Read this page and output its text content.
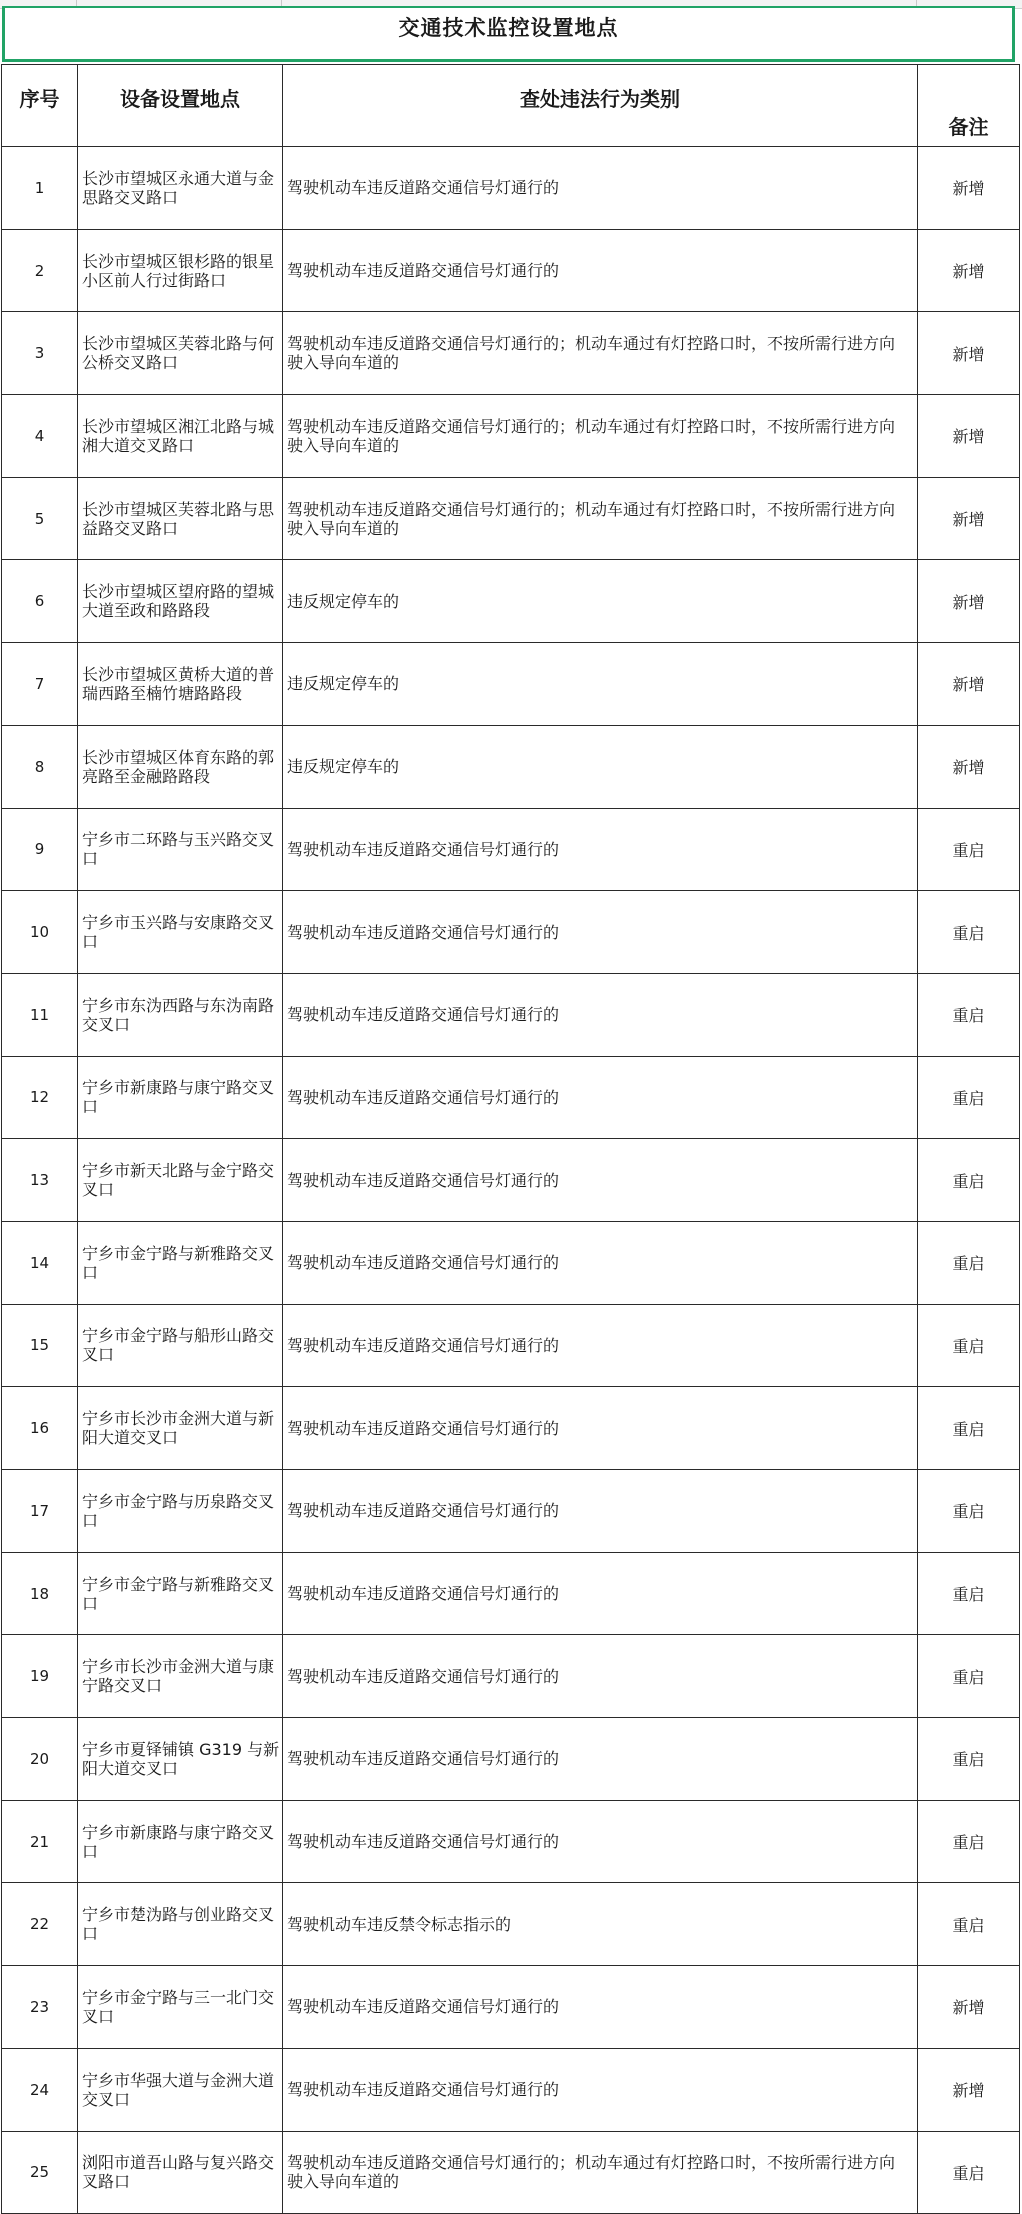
交通技术监控设置地点
序号	设备设置地点	查处违法行为类别	备注
1	长沙市望城区永通大道与金思路交叉路口	驾驶机动车违反道路交通信号灯通行的	新增
2	长沙市望城区银杉路的银星小区前人行过街路口	驾驶机动车违反道路交通信号灯通行的	新增
3	长沙市望城区芙蓉北路与何公桥交叉路口	驾驶机动车违反道路交通信号灯通行的；机动车通过有灯控路口时，不按所需行进方向驶入导向车道的	新增
4	长沙市望城区湘江北路与城湘大道交叉路口	驾驶机动车违反道路交通信号灯通行的；机动车通过有灯控路口时，不按所需行进方向驶入导向车道的	新增
5	长沙市望城区芙蓉北路与思益路交叉路口	驾驶机动车违反道路交通信号灯通行的；机动车通过有灯控路口时，不按所需行进方向驶入导向车道的	新增
6	长沙市望城区望府路的望城大道至政和路路段	违反规定停车的	新增
7	长沙市望城区黄桥大道的普瑞西路至楠竹塘路路段	违反规定停车的	新增
8	长沙市望城区体育东路的郭亮路至金融路路段	违反规定停车的	新增
9	宁乡市二环路与玉兴路交叉口	驾驶机动车违反道路交通信号灯通行的	重启
10	宁乡市玉兴路与安康路交叉口	驾驶机动车违反道路交通信号灯通行的	重启
11	宁乡市东沩西路与东沩南路交叉口	驾驶机动车违反道路交通信号灯通行的	重启
12	宁乡市新康路与康宁路交叉口	驾驶机动车违反道路交通信号灯通行的	重启
13	宁乡市新天北路与金宁路交叉口	驾驶机动车违反道路交通信号灯通行的	重启
14	宁乡市金宁路与新雅路交叉口	驾驶机动车违反道路交通信号灯通行的	重启
15	宁乡市金宁路与船形山路交叉口	驾驶机动车违反道路交通信号灯通行的	重启
16	宁乡市长沙市金洲大道与新阳大道交叉口	驾驶机动车违反道路交通信号灯通行的	重启
17	宁乡市金宁路与历泉路交叉口	驾驶机动车违反道路交通信号灯通行的	重启
18	宁乡市金宁路与新雅路交叉口	驾驶机动车违反道路交通信号灯通行的	重启
19	宁乡市长沙市金洲大道与康宁路交叉口	驾驶机动车违反道路交通信号灯通行的	重启
20	宁乡市夏铎铺镇 G319 与新阳大道交叉口	驾驶机动车违反道路交通信号灯通行的	重启
21	宁乡市新康路与康宁路交叉口	驾驶机动车违反道路交通信号灯通行的	重启
22	宁乡市楚沩路与创业路交叉口	驾驶机动车违反禁令标志指示的	重启
23	宁乡市金宁路与三一北门交叉口	驾驶机动车违反道路交通信号灯通行的	新增
24	宁乡市华强大道与金洲大道交叉口	驾驶机动车违反道路交通信号灯通行的	新增
25	浏阳市道吾山路与复兴路交叉路口	驾驶机动车违反道路交通信号灯通行的；机动车通过有灯控路口时，不按所需行进方向驶入导向车道的	重启
